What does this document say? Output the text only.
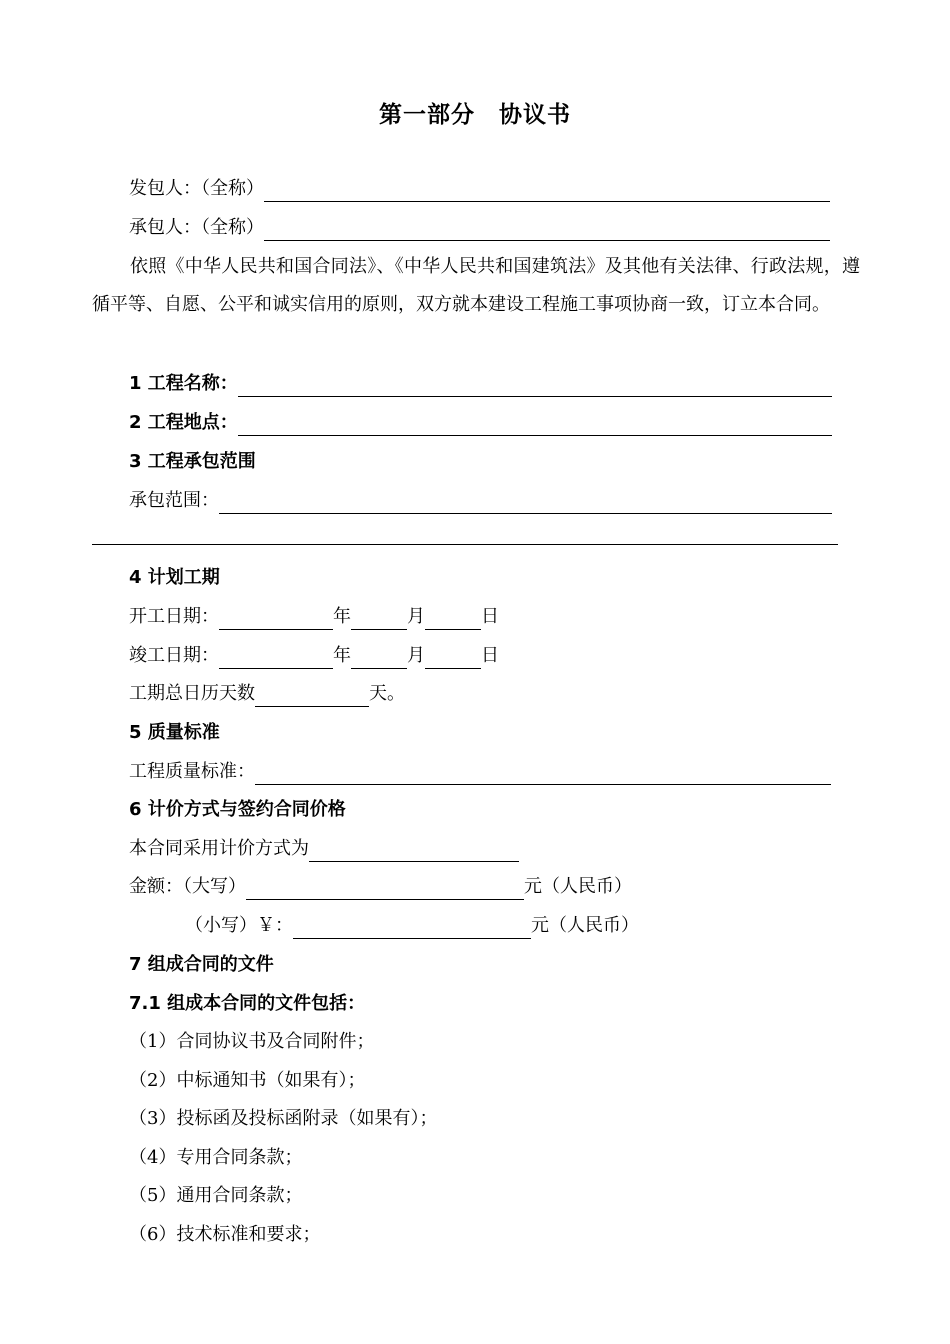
第一部分　协议书
发包人：（全称）
承包人：（全称）
依照《中华人民共和国合同法》、《中华人民共和国建筑法》及其他有关法律、行政法规，遵循平等、自愿、公平和诚实信用的原则，双方就本建设工程施工事项协商一致，订立本合同。
1 工程名称：
2 工程地点：
3 工程承包范围
承包范围：
4 计划工期
开工日期：	年	月	日
竣工日期：	年	月	日
工期总日历天数	天。
5 质量标准
工程质量标准：
6 计价方式与签约合同价格
本合同采用计价方式为
金额：（大写）	元（人民币）
（小写）￥：	元（人民币）
7 组成合同的文件
7.1 组成本合同的文件包括：
（1）合同协议书及合同附件；
（2）中标通知书（如果有）；
（3）投标函及投标函附录（如果有）；
（4）专用合同条款；
（5）通用合同条款；
（6）技术标准和要求；
